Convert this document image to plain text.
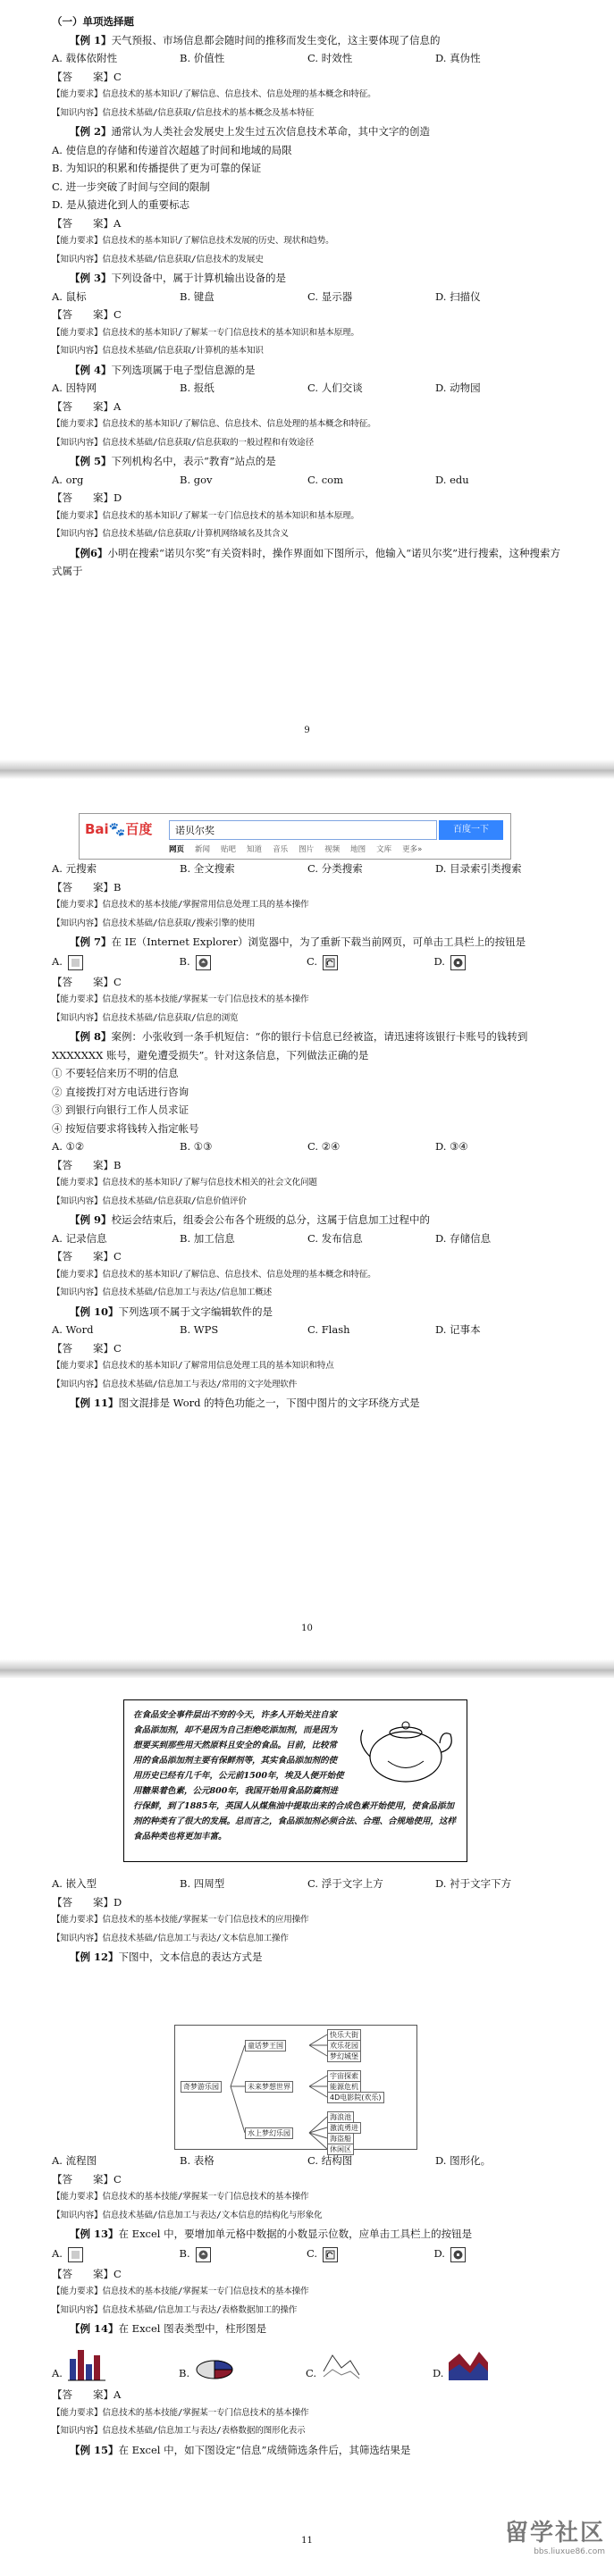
（一）单项选择题
【例 1】天气预报、市场信息都会随时间的推移而发生变化，这主要体现了信息的
A. 载体依附性	B. 价值性	C. 时效性	D. 真伪性
【答　　案】C
【能力要求】信息技术的基本知识/了解信息、信息技术、信息处理的基本概念和特征。
【知识内容】信息技术基础/信息获取/信息技术的基本概念及基本特征
【例 2】通常认为人类社会发展史上发生过五次信息技术革命，其中文字的创造
A. 使信息的存储和传递首次超越了时间和地域的局限
B. 为知识的积累和传播提供了更为可靠的保证
C. 进一步突破了时间与空间的限制
D. 是从猿进化到人的重要标志
【答　　案】A
【能力要求】信息技术的基本知识/了解信息技术发展的历史、现状和趋势。
【知识内容】信息技术基础/信息获取/信息技术的发展史
【例 3】下列设备中，属于计算机输出设备的是
A. 鼠标	B. 键盘	C. 显示器	D. 扫描仪
【答　　案】C
【能力要求】信息技术的基本知识/了解某一专门信息技术的基本知识和基本原理。
【知识内容】信息技术基础/信息获取/计算机的基本知识
【例 4】下列选项属于电子型信息源的是
A. 因特网	B. 报纸	C. 人们交谈	D. 动物园
【答　　案】A
【能力要求】信息技术的基本知识/了解信息、信息技术、信息处理的基本概念和特征。
【知识内容】信息技术基础/信息获取/信息获取的一般过程和有效途径
【例 5】下列机构名中，表示“教育”站点的是
A. org	B. gov	C. com	D. edu
【答　　案】D
【能力要求】信息技术的基本知识/了解某一专门信息技术的基本知识和基本原理。
【知识内容】信息技术基础/信息获取/计算机网络域名及其含义
【例6】小明在搜索“诺贝尔奖”有关资料时，操作界面如下图所示，他输入“诺贝尔奖”进行搜索，这种搜索方式属于
9
Bai🐾百度	诺贝尔奖	百度一下
网页 新闻 贴吧 知道 音乐 图片 视频 地图 文库 更多»
A. 元搜索	B. 全文搜索	C. 分类搜索	D. 目录索引类搜索
【答　　案】B
【能力要求】信息技术的基本技能/掌握常用信息处理工具的基本操作
【知识内容】信息技术基础/信息获取/搜索引擎的使用
【例 7】在 IE（Internet Explorer）浏览器中，为了重新下载当前网页，可单击工具栏上的按钮是
A.	B.	C.	D.
【答　　案】C
【能力要求】信息技术的基本技能/掌握某一专门信息技术的基本操作
【知识内容】信息技术基础/信息获取/信息的浏览
【例 8】案例：小张收到一条手机短信：“你的银行卡信息已经被盗，请迅速将该银行卡账号的钱转到 XXXXXXX 账号，避免遭受损失”。针对这条信息，下列做法正确的是
① 不要轻信来历不明的信息
② 直接拨打对方电话进行咨询
③ 到银行向银行工作人员求证
④ 按短信要求将钱转入指定帐号
A. ①②	B. ①③	C. ②④	D. ③④
【答　　案】B
【能力要求】信息技术的基本知识/了解与信息技术相关的社会文化问题
【知识内容】信息技术基础/信息获取/信息价值评价
【例 9】校运会结束后，组委会公布各个班级的总分，这属于信息加工过程中的
A. 记录信息	B. 加工信息	C. 发布信息	D. 存储信息
【答　　案】C
【能力要求】信息技术的基本知识/了解信息、信息技术、信息处理的基本概念和特征。
【知识内容】信息技术基础/信息加工与表达/信息加工概述
【例 10】下列选项不属于文字编辑软件的是
A. Word	B. WPS	C. Flash	D. 记事本
【答　　案】C
【能力要求】信息技术的基本知识/了解常用信息处理工具的基本知识和特点
【知识内容】信息技术基础/信息加工与表达/常用的文字处理软件
【例 11】图文混排是 Word 的特色功能之一，下图中图片的文字环绕方式是
10
在食品安全事件层出不穷的今天，许多人开始关注自家食品添加剂，却不是因为自己拒绝吃添加剂，而是因为想要买到那些用天然原料且安全的食品。目前，比较常用的食品添加剂主要有保鲜剂等，其实食品添加剂的使用历史已经有几千年，公元前1500年，埃及人便开始使用糖果着色素，公元800年，我国开始用食品防腐剂进行保鲜，到了1885年，英国人从煤焦油中提取出来的合成色素开始使用，使食品添加剂的种类有了很大的发展。总而言之，食品添加剂必须合法、合理、合规地使用，这样食品种类也将更加丰富。
A. 嵌入型	B. 四周型	C. 浮于文字上方	D. 衬于文字下方
【答　　案】D
【能力要求】信息技术的基本技能/掌握某一专门信息技术的应用操作
【知识内容】信息技术基础/信息加工与表达/文本信息加工操作
【例 12】下图中，文本信息的表达方式是
奇梦游乐园
童话梦王国
快乐大街
欢乐花园
梦幻城堡
未来梦想世界
宇宙探索
能源危机
4D电影院(欢乐)
水上梦幻乐园
海浪池
激流勇进
海盗船
休闲区
A. 流程图	B. 表格	C. 结构图	D. 图形化。
【答　　案】C
【能力要求】信息技术的基本技能/掌握某一专门信息技术的基本操作
【知识内容】信息技术基础/信息加工与表达/文本信息的结构化与形象化
【例 13】在 Excel 中，要增加单元格中数据的小数显示位数，应单击工具栏上的按钮是
A.	B.	C.	D.
【答　　案】C
【能力要求】信息技术的基本技能/掌握某一专门信息技术的基本操作
【知识内容】信息技术基础/信息加工与表达/表格数据加工的操作
【例 14】在 Excel 图表类型中，柱形图是
A.	B.	C.	D.
【答　　案】A
【能力要求】信息技术的基本技能/掌握某一专门信息技术的基本操作
【知识内容】信息技术基础/信息加工与表达/表格数据的图形化表示
【例 15】在 Excel 中，如下图设定“信息”成绩筛选条件后，其筛选结果是
11	留学社区
bbs.liuxue86.com
